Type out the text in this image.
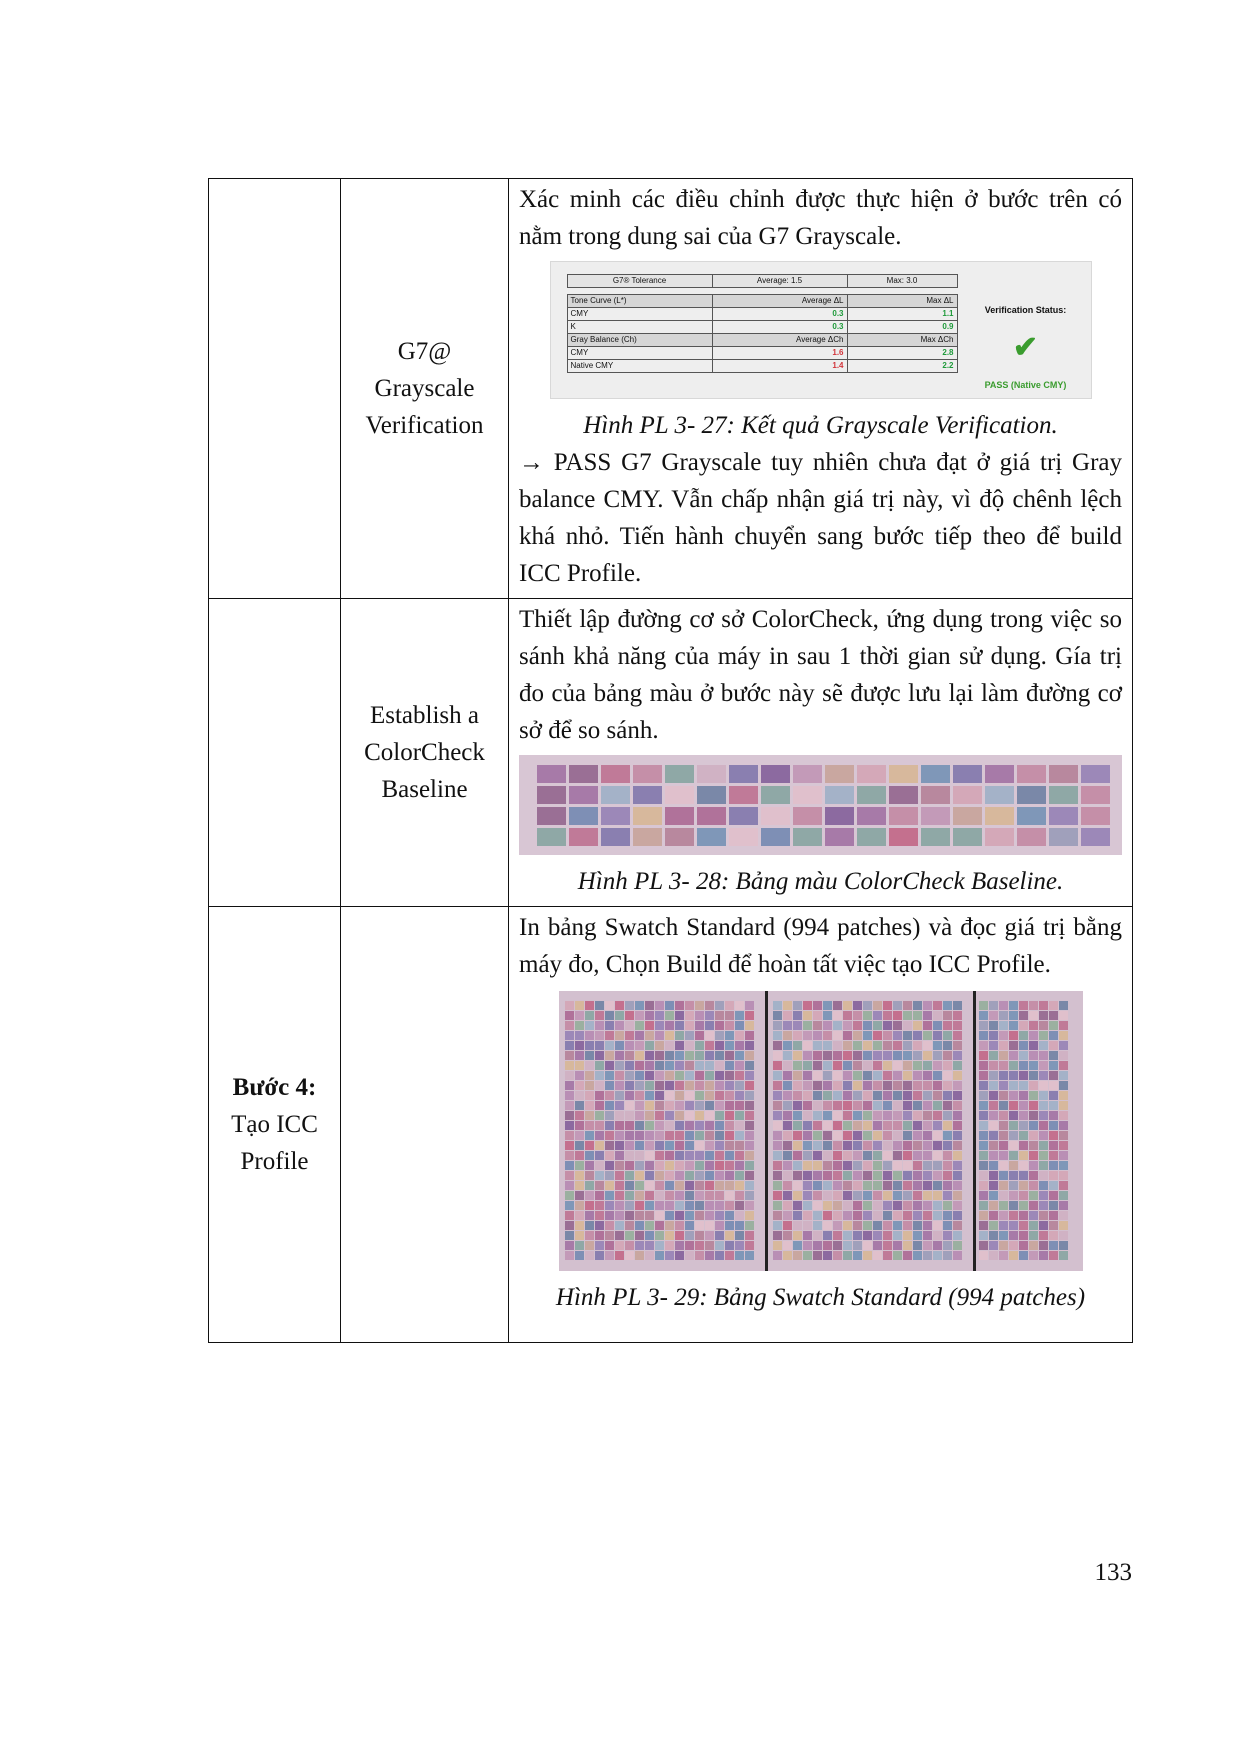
	G7@
Grayscale
Verification	

Xác minh các điều chỉnh được thực hiện ở bước trên có nằm trong dung sai của G7 Grayscale.

G7® Tolerance	Average: 1.5	Max: 3.0

Tone Curve (L*)	Average ΔL	Max ΔL
CMY	0.3	1.1
K	0.3	0.9
Gray Balance (Ch)	Average ΔCh	Max ΔCh
CMY	1.6	2.8
Native CMY	1.4	2.2
Verification Status:
✔
PASS (Native CMY)

Hình PL 3- 27: Kết quả Grayscale Verification.

→ PASS G7 Grayscale tuy nhiên chưa đạt ở giá trị Gray balance CMY. Vẫn chấp nhận giá trị này, vì độ chênh lệch khá nhỏ. Tiến hành chuyển sang bước tiếp theo để build ICC Profile.

	Establish a
ColorCheck
Baseline	

Thiết lập đường cơ sở ColorCheck, ứng dụng trong việc so sánh khả năng của máy in sau 1 thời gian sử dụng. Gía trị đo của bảng màu ở bước này sẽ được lưu lại làm đường cơ sở để so sánh.

Hình PL 3- 28: Bảng màu ColorCheck Baseline.

Bước 4:
Tạo ICC
Profile		

In bảng Swatch Standard (994 patches) và đọc giá trị bằng máy đo, Chọn Build để hoàn tất việc tạo ICC Profile.

Hình PL 3- 29: Bảng Swatch Standard (994 patches)

133
